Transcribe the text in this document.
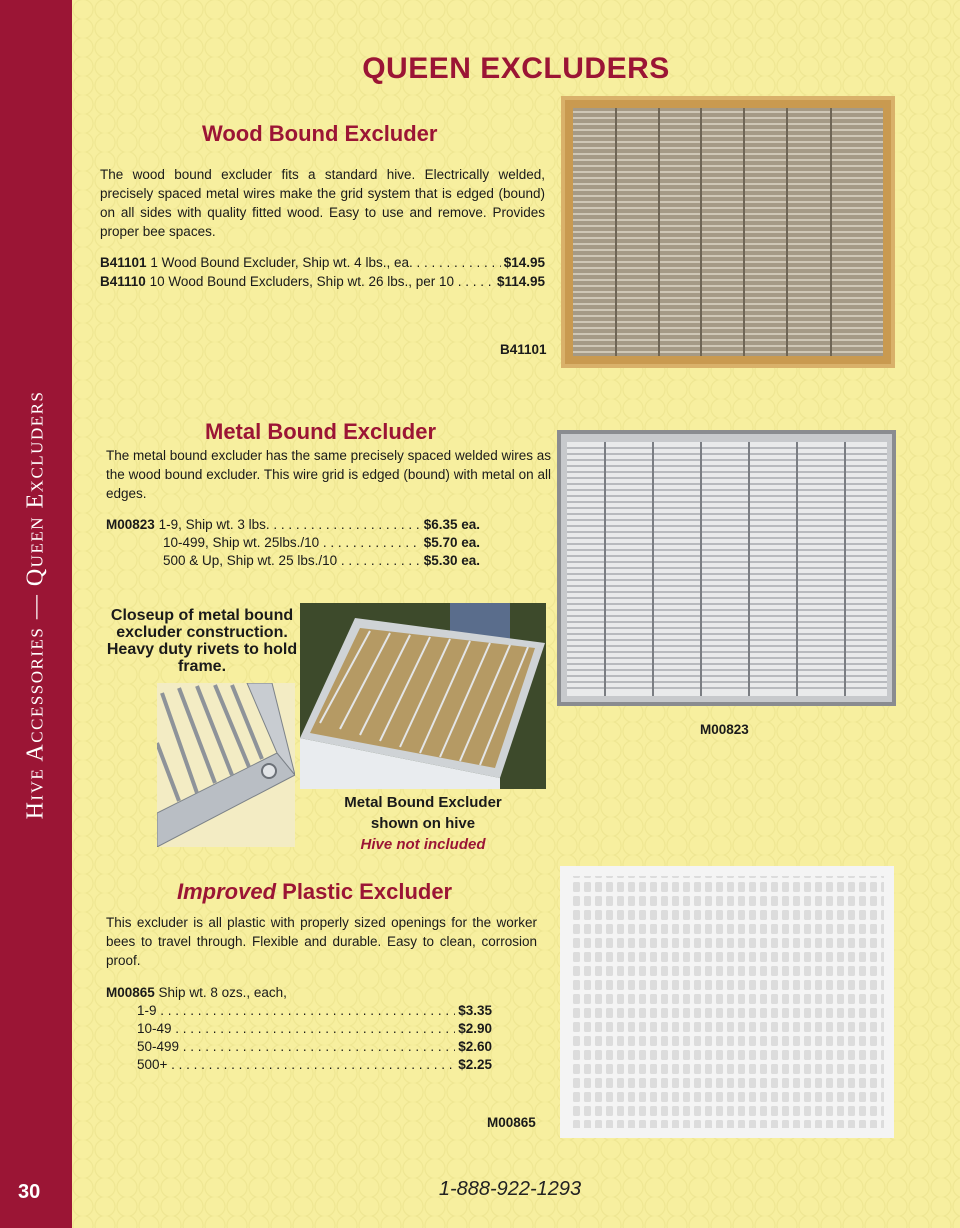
Hive Accessories — Queen Excluders
30
QUEEN EXCLUDERS
Wood Bound Excluder
The wood bound excluder fits a standard hive. Electrically welded, precisely spaced metal wires make the grid system that is edged (bound) on all sides with quality fitted wood. Easy to use and remove. Provides proper bee spaces.
B41101 1 Wood Bound Excluder, Ship wt. 4 lbs., ea. . . .	$14.95
B41110 10 Wood Bound Excluders, Ship wt. 26 lbs., per 10 . . .	$114.95
B41101
Metal Bound Excluder
The metal bound excluder has the same precisely spaced welded wires as the wood bound excluder. This wire grid is edged (bound) with metal on all edges.
M00823 1-9, Ship wt. 3 lbs. . . .	$6.35 ea.
10-499, Ship wt. 25lbs./10 . . .	$5.70 ea.
500 & Up, Ship wt. 25 lbs./10 . . .	$5.30 ea.
M00823
Closeup of metal bound excluder construction. Heavy duty rivets to hold frame.
Metal Bound Excluder
shown on hive
Hive not included
Improved Plastic Excluder
This excluder is all plastic with properly sized openings for the worker bees to travel through. Flexible and durable. Easy to clean, corrosion proof.
M00865 Ship wt. 8 ozs., each,
1-9 . . .	$3.35
10-49 . . .	$2.90
50-499 . . .	$2.60
500+ . . .	$2.25
M00865
1-888-922-1293
